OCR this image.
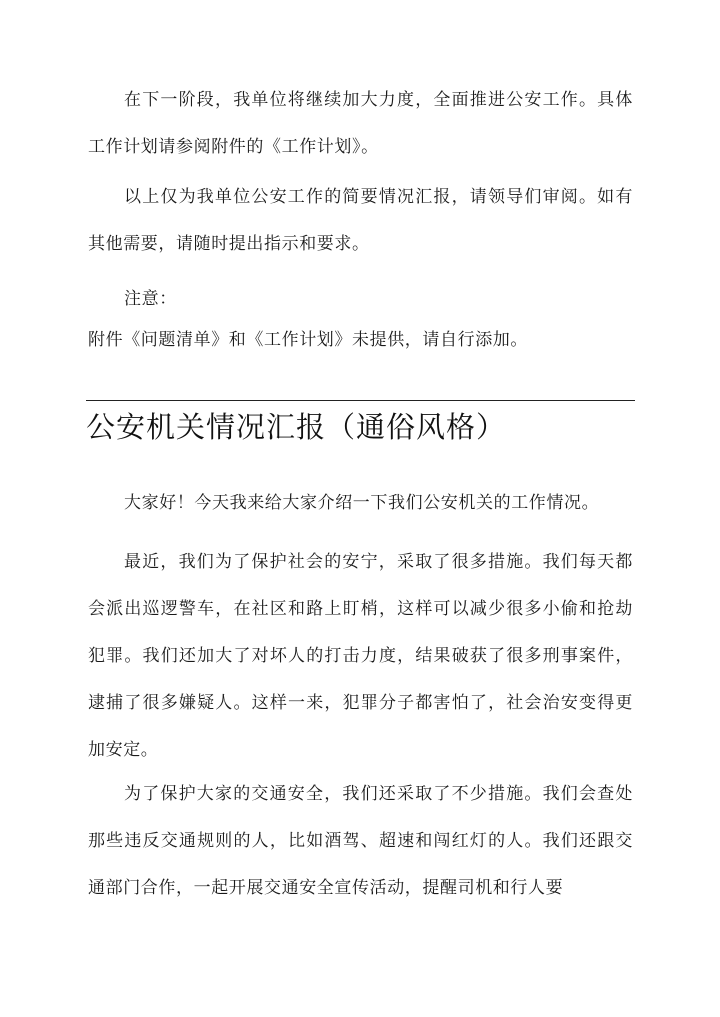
在下一阶段，我单位将继续加大力度，全面推进公安工作。具体工作计划请参阅附件的《工作计划》。

以上仅为我单位公安工作的简要情况汇报，请领导们审阅。如有其他需要，请随时提出指示和要求。

注意：

附件《问题清单》和《工作计划》未提供，请自行添加。

公安机关情况汇报（通俗风格）

大家好！今天我来给大家介绍一下我们公安机关的工作情况。

最近，我们为了保护社会的安宁，采取了很多措施。我们每天都会派出巡逻警车，在社区和路上盯梢，这样可以减少很多小偷和抢劫犯罪。我们还加大了对坏人的打击力度，结果破获了很多刑事案件，逮捕了很多嫌疑人。这样一来，犯罪分子都害怕了，社会治安变得更加安定。

为了保护大家的交通安全，我们还采取了不少措施。我们会查处那些违反交通规则的人，比如酒驾、超速和闯红灯的人。我们还跟交通部门合作，一起开展交通安全宣传活动，提醒司机和行人要
